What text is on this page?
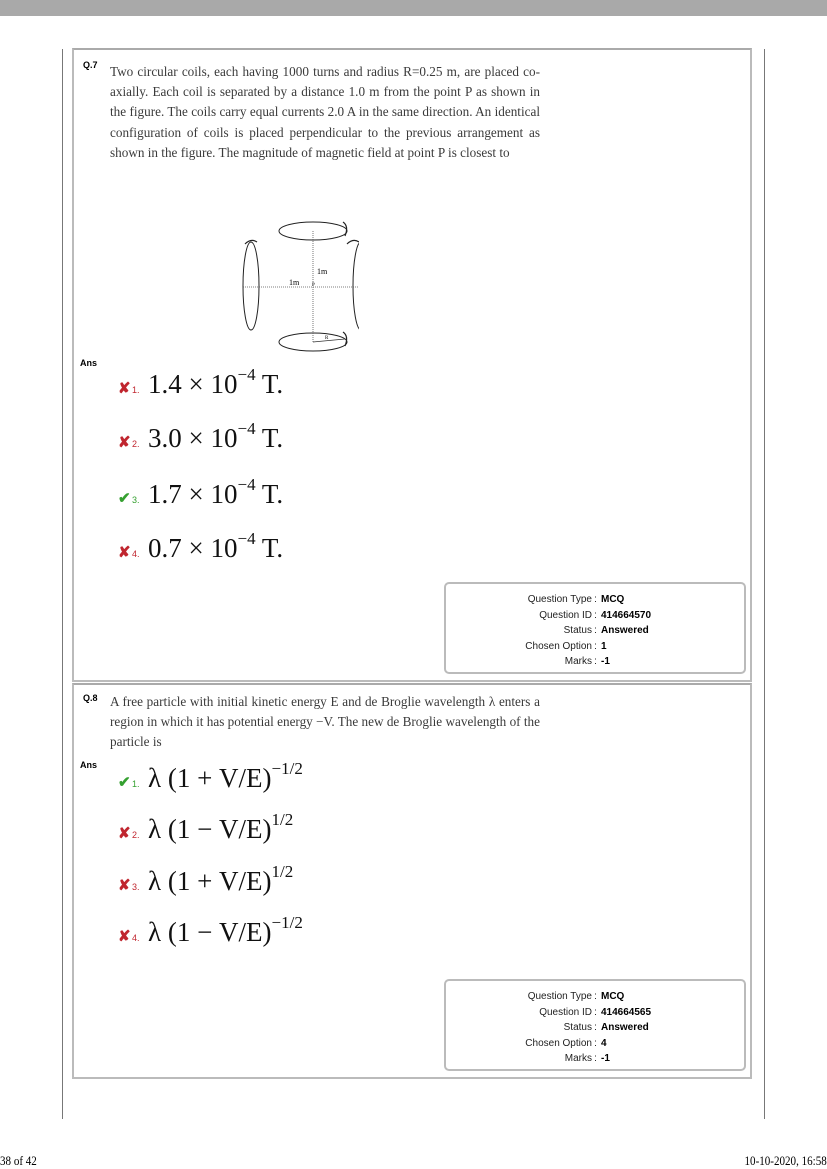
Q.7 Two circular coils, each having 1000 turns and radius R=0.25 m, are placed co-axially. Each coil is separated by a distance 1.0 m from the point P as shown in the figure. The coils carry equal currents 2.0 A in the same direction. An identical configuration of coils is placed perpendicular to the previous arrangement as shown in the figure. The magnitude of magnetic field at point P is closest to
1m
1m	P
R
Ans
✘ 1. $1.4 \times 10^{-4}$ T.
✘ 2. $3.0 \times 10^{-4}$ T.
✔ 3. $1.7 \times 10^{-4}$ T.
✘ 4. $0.7 \times 10^{-4}$ T.
Question Type : MCQ
Question ID : 414664570
Status : Answered
Chosen Option : 1
Marks : -1
Q.8 A free particle with initial kinetic energy E and de Broglie wavelength λ enters a region in which it has potential energy −V. The new de Broglie wavelength of the particle is
Ans
✔ 1. λ $(1 + V/E)^{-1/2}$
✘ 2. λ $(1 - V/E)^{1/2}$
✘ 3. λ $(1 + V/E)^{1/2}$
✘ 4. λ $(1 - V/E)^{-1/2}$
Question Type : MCQ
Question ID : 414664565
Status : Answered
Chosen Option : 4
Marks : -1
38 of 42	10-10-2020, 16:58
